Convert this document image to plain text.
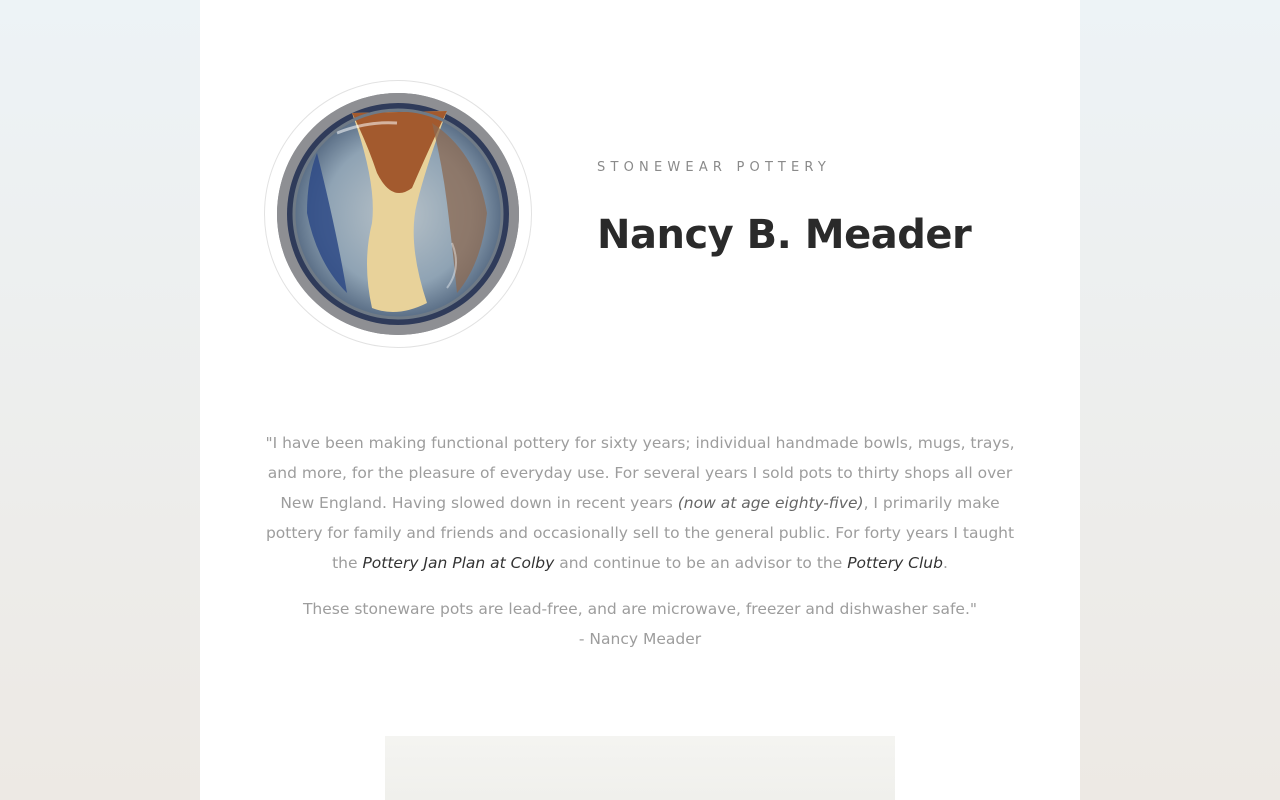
STONEWEAR POTTERY
Nancy B. Meader

"I have been making functional pottery for sixty years; individual handmade bowls, mugs, trays, and more, for the pleasure of everyday use. For several years I sold pots to thirty shops all over New England. Having slowed down in recent years (now at age eighty-five), I primarily make pottery for family and friends and occasionally sell to the general public. For forty years I taught the Pottery Jan Plan at Colby and continue to be an advisor to the Pottery Club.

These stoneware pots are lead-free, and are microwave, freezer and dishwasher safe."
- Nancy Meader
